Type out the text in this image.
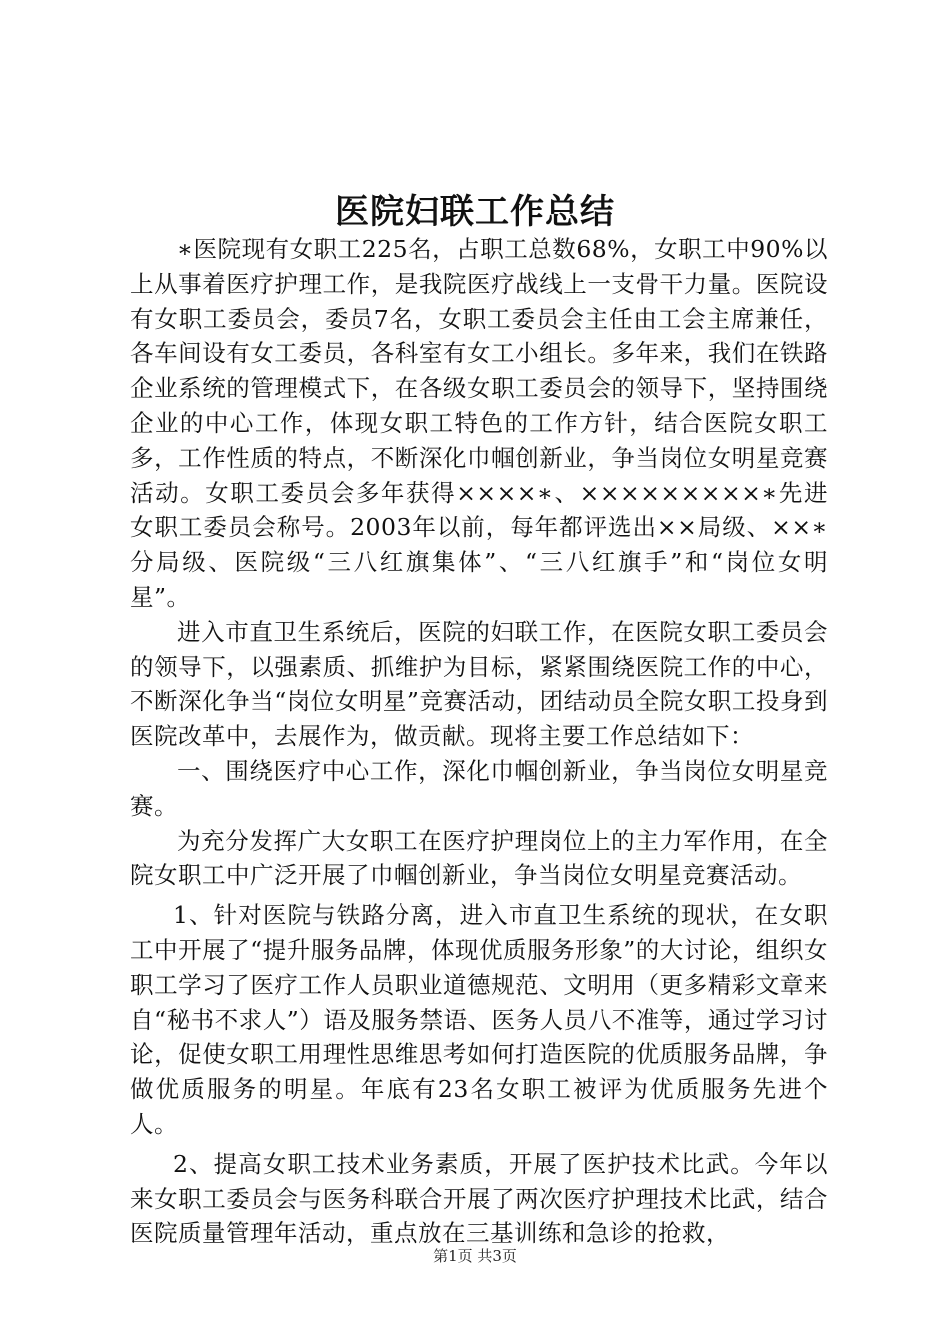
医院妇联工作总结

∗医院现有女职工225名，占职工总数68%，女职工中90%以上从事着医疗护理工作，是我院医疗战线上一支骨干力量。医院设有女职工委员会，委员7名，女职工委员会主任由工会主席兼任，各车间设有女工委员，各科室有女工小组长。多年来，我们在铁路企业系统的管理模式下，在各级女职工委员会的领导下，坚持围绕企业的中心工作，体现女职工特色的工作方针，结合医院女职工多，工作性质的特点，不断深化巾帼创新业，争当岗位女明星竞赛活动。女职工委员会多年获得××××∗、×××××××××∗先进女职工委员会称号。2003年以前，每年都评选出××局级、××∗分局级、医院级“三八红旗集体”、“三八红旗手”和“岗位女明星”。

进入市直卫生系统后，医院的妇联工作，在医院女职工委员会的领导下，以强素质、抓维护为目标，紧紧围绕医院工作的中心，不断深化争当“岗位女明星”竞赛活动，团结动员全院女职工投身到医院改革中，去展作为，做贡献。现将主要工作总结如下：

一、围绕医疗中心工作，深化巾帼创新业，争当岗位女明星竞赛。

为充分发挥广大女职工在医疗护理岗位上的主力军作用，在全院女职工中广泛开展了巾帼创新业，争当岗位女明星竞赛活动。

1、针对医院与铁路分离，进入市直卫生系统的现状，在女职工中开展了“提升服务品牌，体现优质服务形象”的大讨论，组织女职工学习了医疗工作人员职业道德规范、文明用（更多精彩文章来自“秘书不求人”）语及服务禁语、医务人员八不准等，通过学习讨论，促使女职工用理性思维思考如何打造医院的优质服务品牌，争做优质服务的明星。年底有23名女职工被评为优质服务先进个人。

2、提高女职工技术业务素质，开展了医护技术比武。今年以来女职工委员会与医务科联合开展了两次医疗护理技术比武，结合医院质量管理年活动，重点放在三基训练和急诊的抢救，

第1页 共3页
